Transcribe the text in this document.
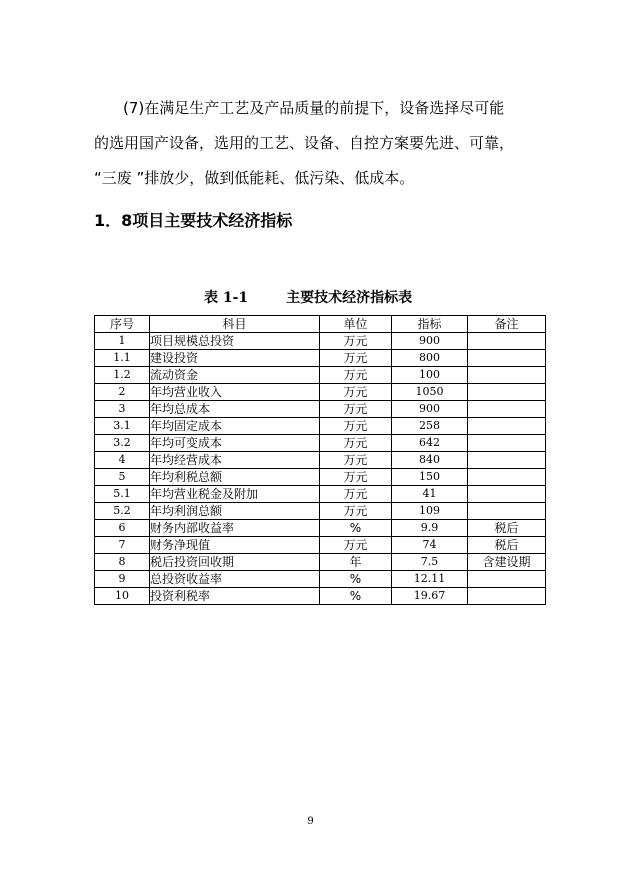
(7)在满足生产工艺及产品质量的前提下，设备选择尽可能
的选用国产设备，选用的工艺、设备、自控方案要先进、可靠，
“三废 ”排放少，做到低能耗、低污染、低成本。
1．8项目主要技术经济指标
表 1-1	主要技术经济指标表
序号	科目	单位	指标	备注
1	项目规模总投资	万元	900	
1.1	建设投资	万元	800	
1.2	流动资金	万元	100	
2	年均营业收入	万元	1050	
3	年均总成本	万元	900	
3.1	年均固定成本	万元	258	
3.2	年均可变成本	万元	642	
4	年均经营成本	万元	840	
5	年均利税总额	万元	150	
5.1	年均营业税金及附加	万元	41	
5.2	年均利润总额	万元	109	
6	财务内部收益率	%	9.9	税后
7	财务净现值	万元	74	税后
8	税后投资回收期	年	7.5	含建设期
9	总投资收益率	%	12.11	
10	投资利税率	%	19.67	
9
